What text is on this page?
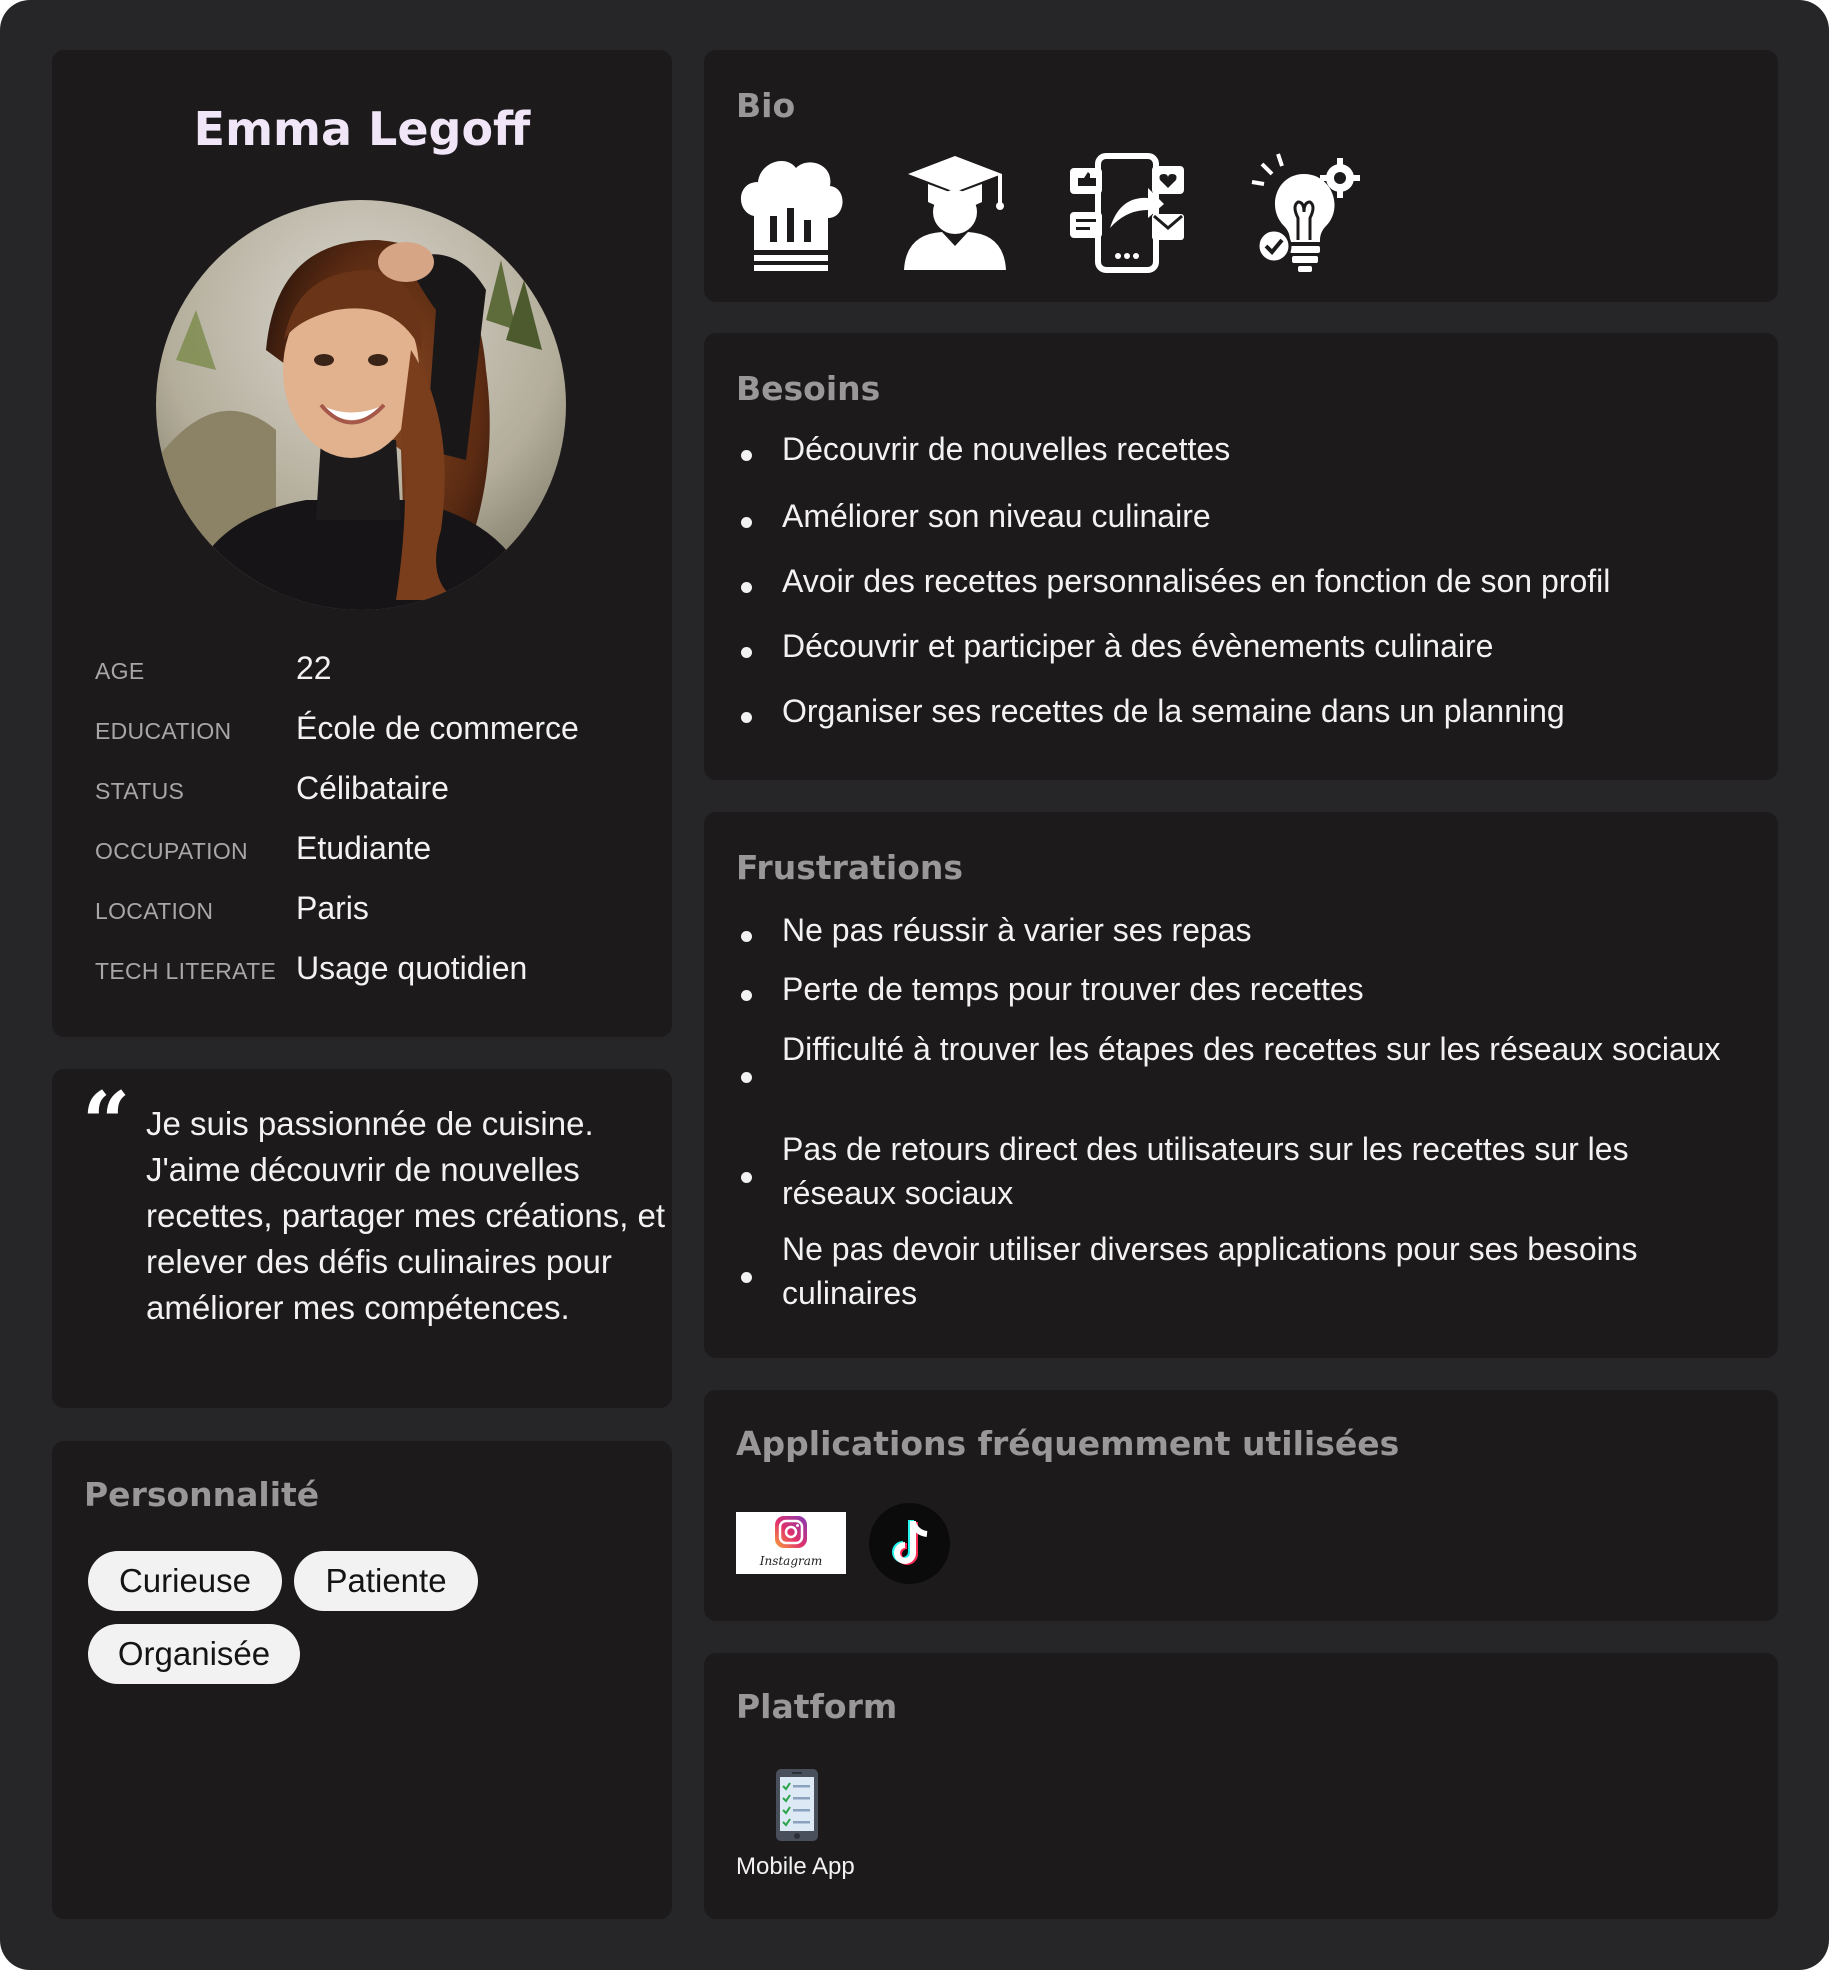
Emma Legoff
AGE	22
EDUCATION École de commerce
STATUS	Célibataire
OCCUPATION Etudiante
LOCATION	Paris
TECH LITERATE Usage quotidien
“ Je suis passionnée de cuisine. J'aime découvrir de nouvelles recettes, partager mes créations, et relever des défis culinaires pour améliorer mes compétences.
Personnalité
Curieuse	Patiente
Organisée
Bio
Besoins
Découvrir de nouvelles recettes
Améliorer son niveau culinaire
Avoir des recettes personnalisées en fonction de son profil
Découvrir et participer à des évènements culinaire
Organiser ses recettes de la semaine dans un planning
Frustrations
Ne pas réussir à varier ses repas
Perte de temps pour trouver des recettes
Difficulté à trouver les étapes des recettes sur les réseaux sociaux
Pas de retours direct des utilisateurs sur les recettes sur les réseaux sociaux
Ne pas devoir utiliser diverses applications pour ses besoins culinaires
Applications fréquemment utilisées
Instagram
Platform
Mobile App
